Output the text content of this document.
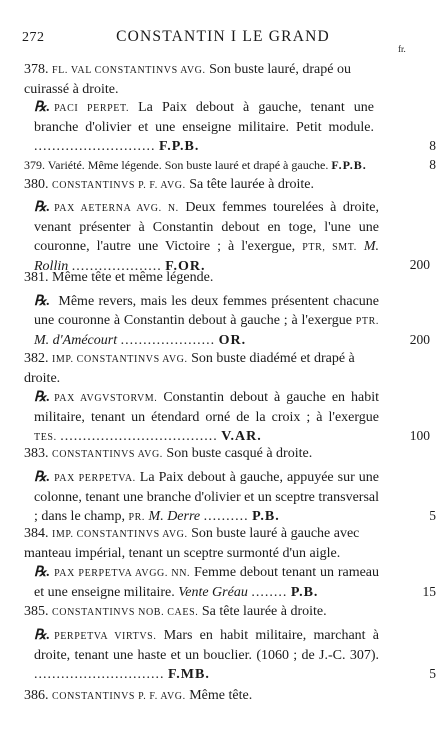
272	CONSTANTIN I LE GRAND
fr.
378. FL. VAL CONSTANTINVS AVG. Son buste lauré, drapé ou cuirassé à droite.
℞. PACI PERPET. La Paix debout à gauche, tenant une branche d'olivier et une enseigne militaire. Petit module. ........................... F.P.B.	8
379. Variété. Même légende. Son buste lauré et drapé à gauche. F.P.B.	8
380. CONSTANTINVS P. F. AVG. Sa tête laurée à droite.
℞. PAX AETERNA AVG. N. Deux femmes tourelées à droite, venant présenter à Constantin debout en toge, l'une une couronne, l'autre une Victoire ; à l'exergue, PTR, SMT. M. Rollin .................... F.OR.	200
381. Même tête et même légende.
℞. Même revers, mais les deux femmes présentent chacune une couronne à Constantin debout à gauche ; à l'exergue PTR. M. d'Amécourt ..................... OR.	200
382. IMP. CONSTANTINVS AVG. Son buste diadémé et drapé à droite.
℞. PAX AVGVSTORVM. Constantin debout à gauche en habit militaire, tenant un étendard orné de la croix ; à l'exergue TES. ................................... V.AR.	100
383. CONSTANTINVS AVG. Son buste casqué à droite.
℞. PAX PERPETVA. La Paix debout à gauche, appuyée sur une colonne, tenant une branche d'olivier et un sceptre transversal ; dans le champ, PR. M. Derre .......... P.B.	5
384. IMP. CONSTANTINVS AVG. Son buste lauré à gauche avec manteau impérial, tenant un sceptre surmonté d'un aigle.
℞. PAX PERPETVA AVGG. NN. Femme debout tenant un rameau et une enseigne militaire. Vente Gréau ........ P.B.	15
385. CONSTANTINVS NOB. CAES. Sa tête laurée à droite.
℞. PERPETVA VIRTVS. Mars en habit militaire, marchant à droite, tenant une haste et un bouclier. (1060 ; de J.-C. 307). ............................. F.MB.	5
386. CONSTANTINVS P. F. AVG. Même tête.
